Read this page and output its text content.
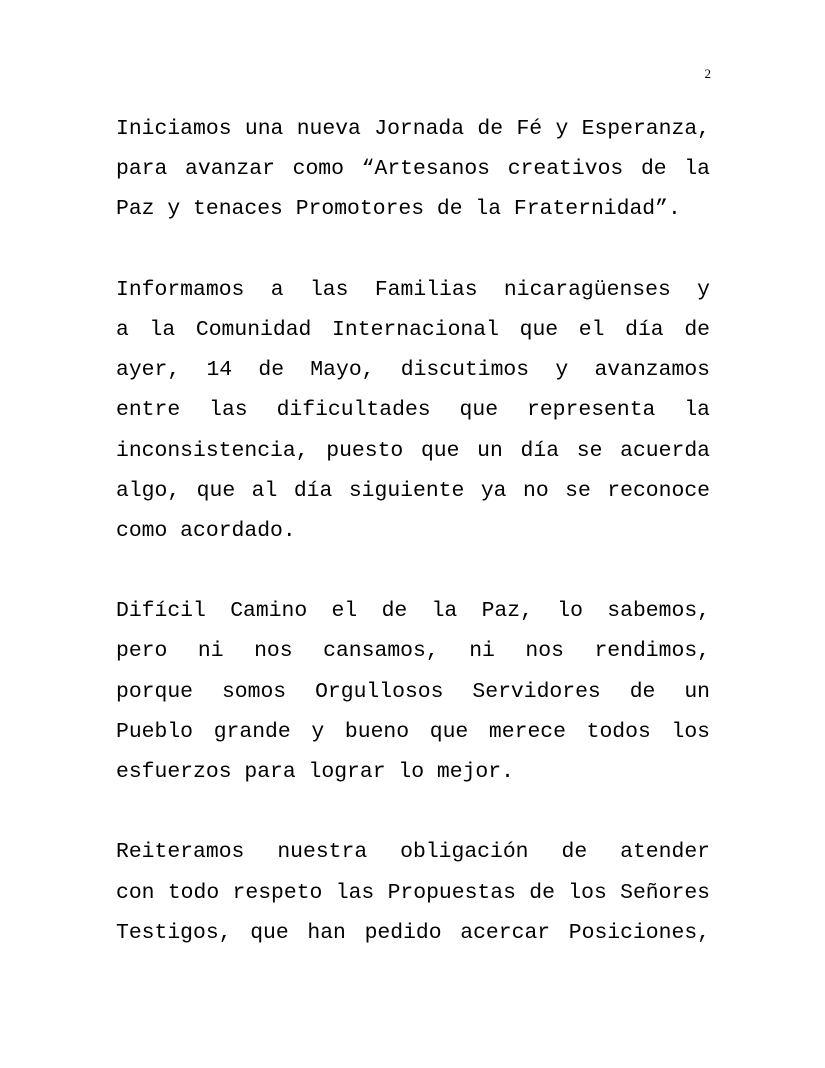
2
Iniciamos una nueva Jornada de Fé y Esperanza,
para avanzar como “Artesanos creativos de la
Paz y tenaces Promotores de la Fraternidad”.
Informamos a las Familias nicaragüenses y
a la Comunidad Internacional que el día de
ayer, 14 de Mayo, discutimos y avanzamos
entre las dificultades que representa la
inconsistencia, puesto que un día se acuerda
algo, que al día siguiente ya no se reconoce
como acordado.
Difícil Camino el de la Paz, lo sabemos,
pero ni nos cansamos, ni nos rendimos,
porque somos Orgullosos Servidores de un
Pueblo grande y bueno que merece todos los
esfuerzos para lograr lo mejor.
Reiteramos nuestra obligación de atender
con todo respeto las Propuestas de los Señores
Testigos, que han pedido acercar Posiciones,
